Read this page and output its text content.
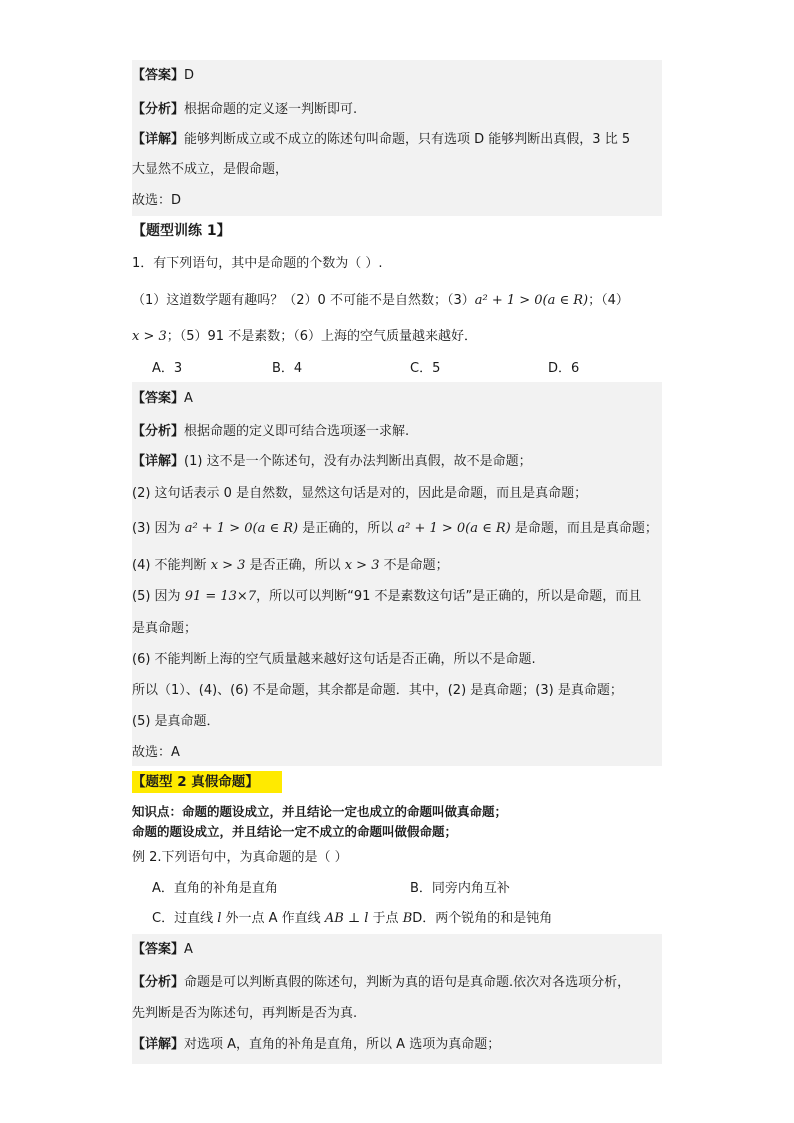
【答案】D
【分析】根据命题的定义逐一判断即可.
【详解】能够判断成立或不成立的陈述句叫命题，只有选项 D 能够判断出真假，3 比 5
大显然不成立，是假命题，
故选：D
【题型训练 1】
1．有下列语句，其中是命题的个数为（ ）.
（1）这道数学题有趣吗？（2）0 不可能不是自然数；（3）a² + 1 > 0(a ∈ R)；（4）
x > 3；（5）91 不是素数；（6）上海的空气质量越来越好．
A．3	B．4	C．5	D．6
【答案】A
【分析】根据命题的定义即可结合选项逐一求解.
【详解】(1) 这不是一个陈述句，没有办法判断出真假，故不是命题；
(2) 这句话表示 0 是自然数，显然这句话是对的，因此是命题，而且是真命题；
(3) 因为 a² + 1 > 0(a ∈ R) 是正确的，所以 a² + 1 > 0(a ∈ R) 是命题，而且是真命题；
(4) 不能判断 x > 3 是否正确，所以 x > 3 不是命题；
(5) 因为 91 = 13×7，所以可以判断“91 不是素数这句话”是正确的，所以是命题，而且
是真命题；
(6) 不能判断上海的空气质量越来越好这句话是否正确，所以不是命题.
所以（1）、(4)、(6) 不是命题，其余都是命题．其中，(2) 是真命题；(3) 是真命题；
(5) 是真命题．
故选：A
【题型 2 真假命题】
知识点：命题的题设成立，并且结论一定也成立的命题叫做真命题；
命题的题设成立，并且结论一定不成立的命题叫做假命题；
例 2.下列语句中，为真命题的是（ ）
A．直角的补角是直角	B．同旁内角互补
C．过直线 l 外一点 A 作直线 AB ⊥ l 于点 BD．两个锐角的和是钝角
【答案】A
【分析】命题是可以判断真假的陈述句，判断为真的语句是真命题.依次对各选项分析，
先判断是否为陈述句，再判断是否为真.
【详解】对选项 A，直角的补角是直角，所以 A 选项为真命题；
